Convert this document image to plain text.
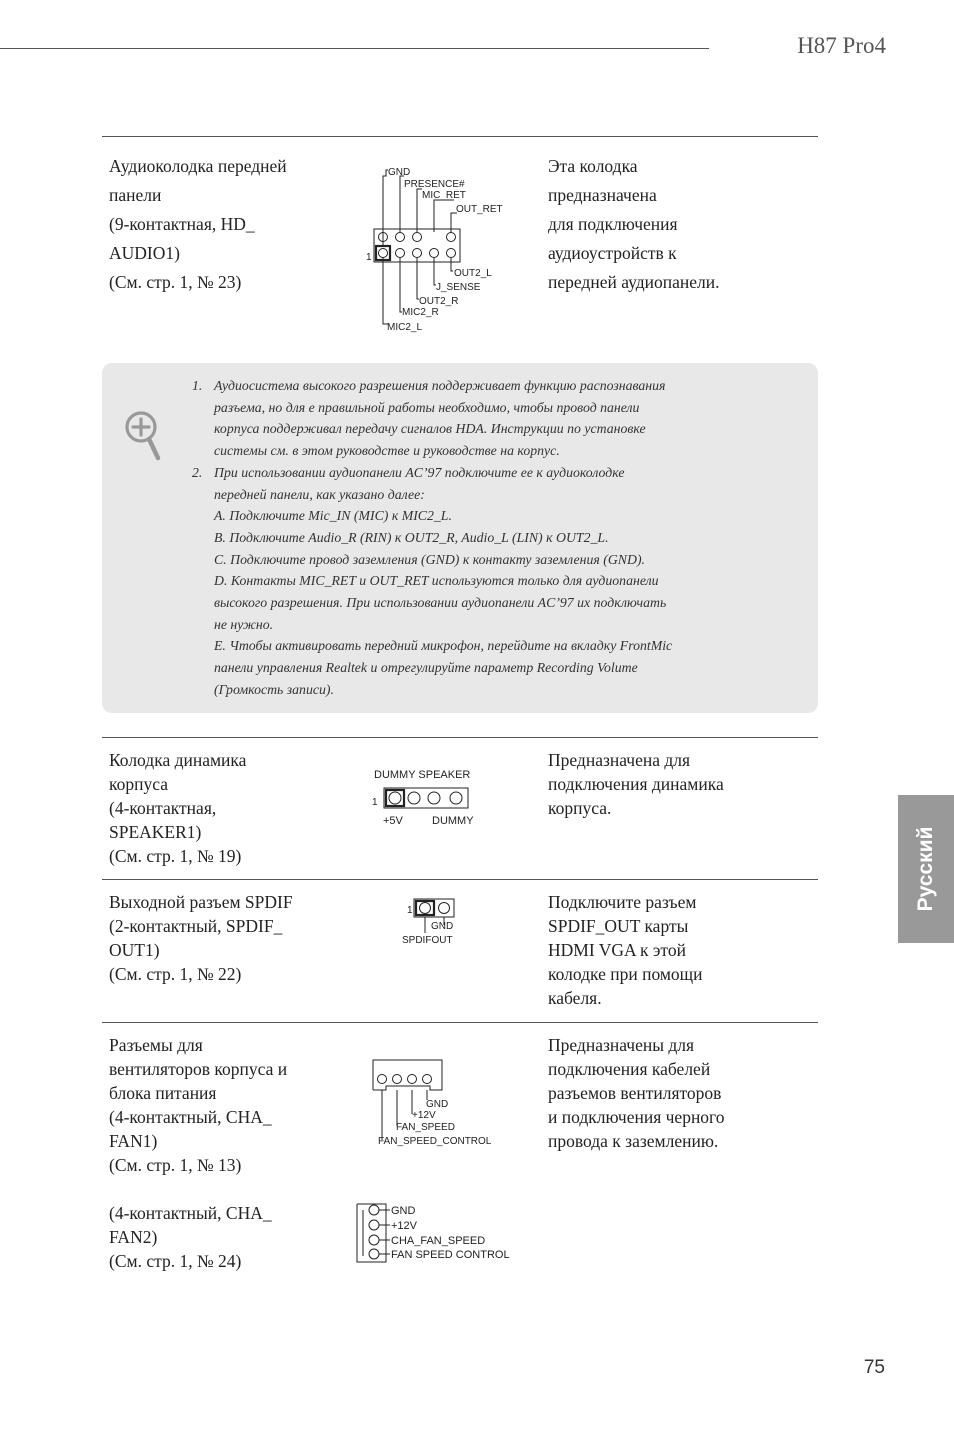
H87 Pro4
Аудиоколодка передней
панели
(9-контактная, HD_
AUDIO1)
(См. стр. 1, № 23)
GND
PRESENCE#
MIC_RET
OUT_RET
1
OUT2_L
J_SENSE
OUT2_R
MIC2_R
MIC2_L
Эта колодка
предназначена
для подключения
аудиоустройств к
передней аудиопанели.
1. Аудиосистема высокого разрешения поддерживает функцию распознавания
разъема, но для е правильной работы необходимо, чтобы провод панели
корпуса поддерживал передачу сигналов HDA. Инструкции по установке
системы см. в этом руководстве и руководстве на корпус.
2. При использовании аудиопанели AC’97 подключите ее к аудиоколодке
передней панели, как указано далее:
A. Подключите Mic_IN (MIC) к MIC2_L.
B. Подключите Audio_R (RIN) к OUT2_R, Audio_L (LIN) к OUT2_L.
C. Подключите провод заземления (GND) к контакту заземления (GND).
D. Контакты MIC_RET и OUT_RET используются только для аудиопанели
высокого разрешения. При использовании аудиопанели AC’97 их подключать
не нужно.
E. Чтобы активировать передний микрофон, перейдите на вкладку FrontMic
панели управления Realtek и отрегулируйте параметр Recording Volume
(Громкость записи).
Колодка динамика
корпуса
(4-контактная,
SPEAKER1)
(См. стр. 1, № 19)
DUMMY SPEAKER
1
+5V	DUMMY
Предназначена для
подключения динамика
корпуса.
Выходной разъем SPDIF
(2-контактный, SPDIF_
OUT1)
(См. стр. 1, № 22)
1
GND
SPDIFOUT
Подключите разъем
SPDIF_OUT карты
HDMI VGA к этой
колодке при помощи
кабеля.
Разъемы для
вентиляторов корпуса и
блока питания
(4-контактный, CHA_
FAN1)
(См. стр. 1, № 13)
(4-контактный, CHA_
FAN2)
(См. стр. 1, № 24)
GND
+12V
FAN_SPEED
FAN_SPEED_CONTROL
GND
+12V
CHA_FAN_SPEED
FAN SPEED CONTROL
Предназначены для
подключения кабелей
разъемов вентиляторов
и подключения черного
провода к заземлению.
Русский
75
